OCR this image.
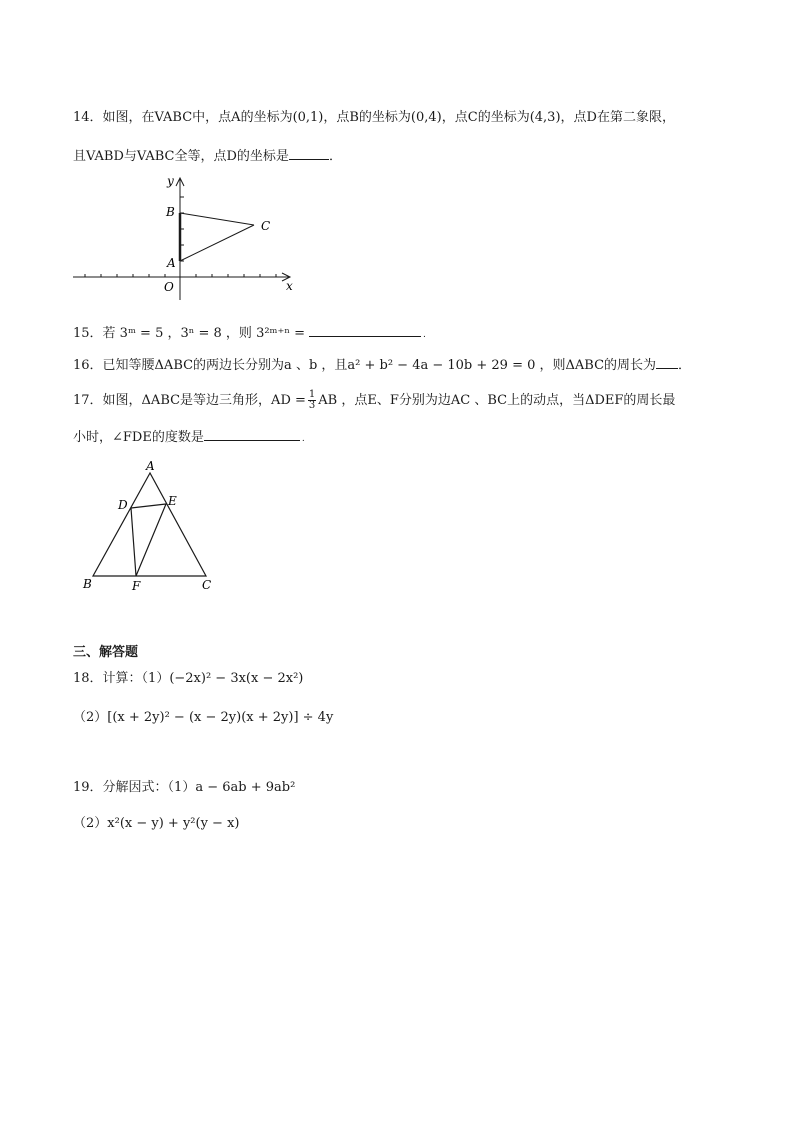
14．如图，在VABC中，点A的坐标为(0,1)，点B的坐标为(0,4)，点C的坐标为(4,3)，点D在第二象限，
且VABD与VABC全等，点D的坐标是	．
y
x
O
A
B
C
15．若 3ᵐ = 5 ，3ⁿ = 8 ，则 3²ᵐ⁺ⁿ =	.
16．已知等腰ΔABC的两边长分别为a 、b ，且a² + b² − 4a − 10b + 29 = 0 ，则ΔABC的周长为 ．
17．如图，ΔABC是等边三角形，AD = $\frac{1}{3}$ AB ，点E、F分别为边AC 、BC上的动点，当ΔDEF的周长最
小时，∠FDE的度数是	.
A
B	C
D	E
F
三、解答题
18．计算：（1）(−2x)² − 3x(x − 2x²)
（2）[(x + 2y)² − (x − 2y)(x + 2y)] ÷ 4y
19．分解因式：（1）a − 6ab + 9ab²
（2）x²(x − y) + y²(y − x)
